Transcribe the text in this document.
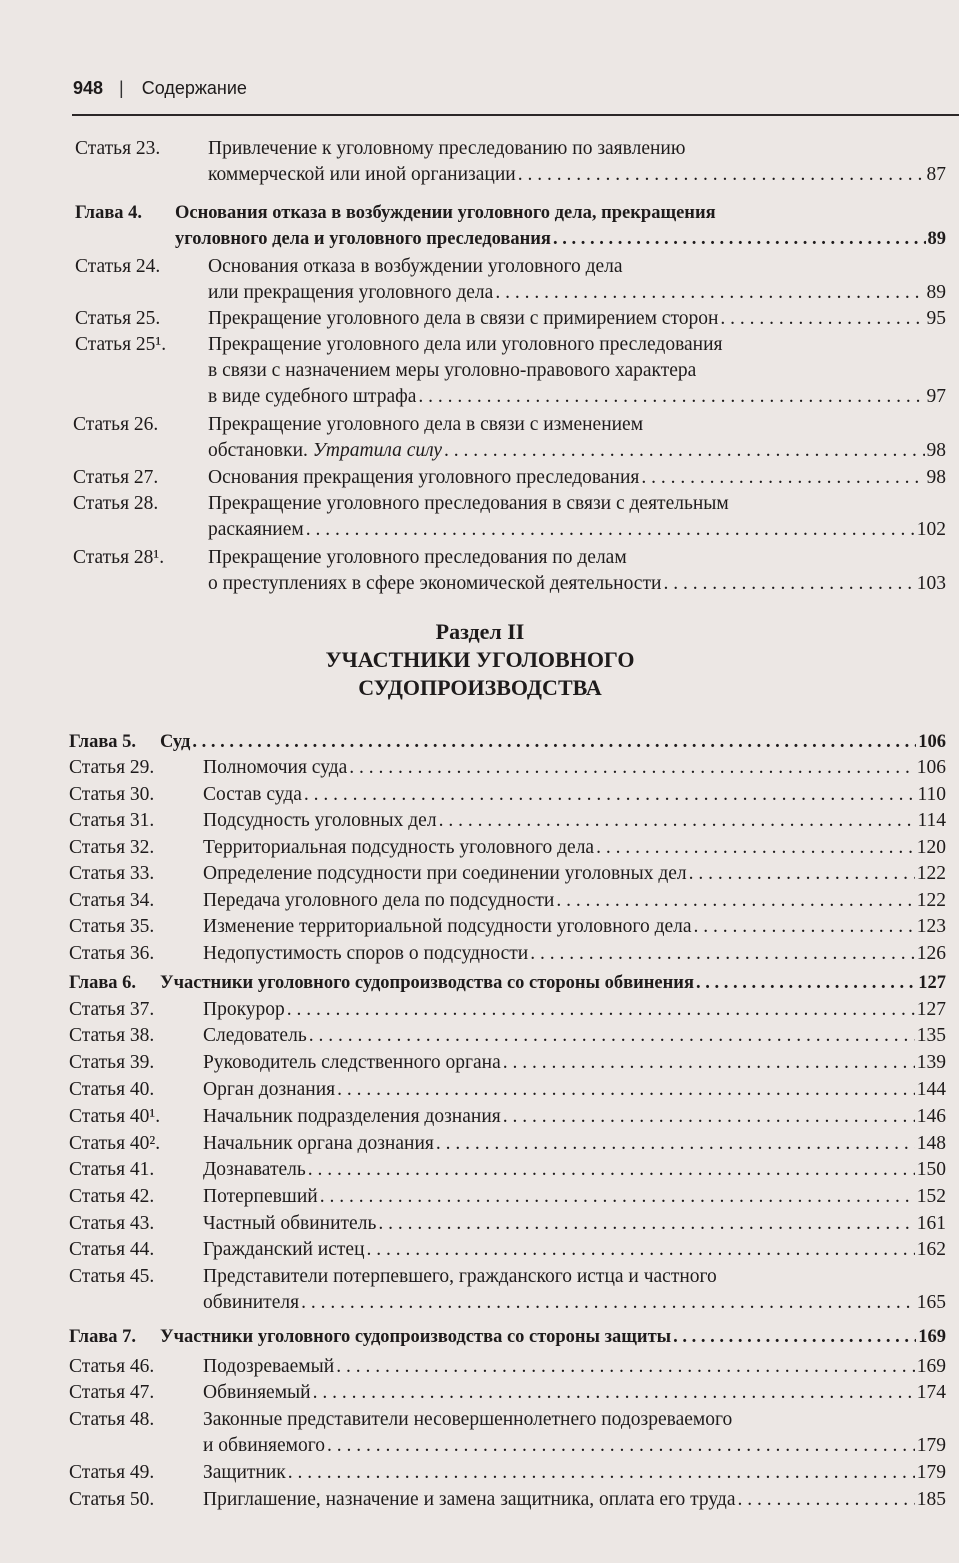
948 | Содержание
Раздел II
УЧАСТНИКИ УГОЛОВНОГО
СУДОПРОИЗВОДСТВА
Статья 23. Привлечение к уголовному преследованию по заявлению
коммерческой или иной организации . . .	87
Глава 4. Основания отказа в возбуждении уголовного дела, прекращения
уголовного дела и уголовного преследования . . .	89
Статья 24. Основания отказа в возбуждении уголовного дела
или прекращения уголовного дела . . .	89
Статья 25. Прекращение уголовного дела в связи с примирением сторон . . .	95
Статья 25¹. Прекращение уголовного дела или уголовного преследования
в связи с назначением меры уголовно-правового характера
в виде судебного штрафа . . .	97
Статья 26.	Прекращение уголовного дела в связи с изменением
обстановки. Утратила силу . . .	98
Статья 27.	Основания прекращения уголовного преследования . . .	98
Статья 28.	Прекращение уголовного преследования в связи с деятельным
раскаянием . . .	102
Статья 28¹. Прекращение уголовного преследования по делам
о преступлениях в сфере экономической деятельности . . .	103
Глава 5. Суд . . .	106
Статья 29. Полномочия суда . . .	106
Статья 30. Состав суда . . .	110
Статья 31. Подсудность уголовных дел . . .	114
Статья 32. Территориальная подсудность уголовного дела . . .	120
Статья 33. Определение подсудности при соединении уголовных дел . . .	122
Статья 34. Передача уголовного дела по подсудности . . .	122
Статья 35. Изменение территориальной подсудности уголовного дела . . .	123
Статья 36. Недопустимость споров о подсудности . . .	126
Глава 6. Участники уголовного судопроизводства со стороны обвинения . . .	127
Статья 37. Прокурор . . .	127
Статья 38. Следователь . . .	135
Статья 39. Руководитель следственного органа . . .	139
Статья 40. Орган дознания . . .	144
Статья 40¹. Начальник подразделения дознания . . .	146
Статья 40². Начальник органа дознания . . .	148
Статья 41. Дознаватель . . .	150
Статья 42. Потерпевший . . .	152
Статья 43. Частный обвинитель . . .	161
Статья 44. Гражданский истец . . .	162
Статья 45. Представители потерпевшего, гражданского истца и частного
обвинителя . . .	165
Глава 7. Участники уголовного судопроизводства со стороны защиты . . .	169
Статья 46. Подозреваемый . . .	169
Статья 47. Обвиняемый . . .	174
Статья 48. Законные представители несовершеннолетнего подозреваемого
и обвиняемого . . .	179
Статья 49. Защитник . . .	179
Статья 50. Приглашение, назначение и замена защитника, оплата его труда . . .	185
